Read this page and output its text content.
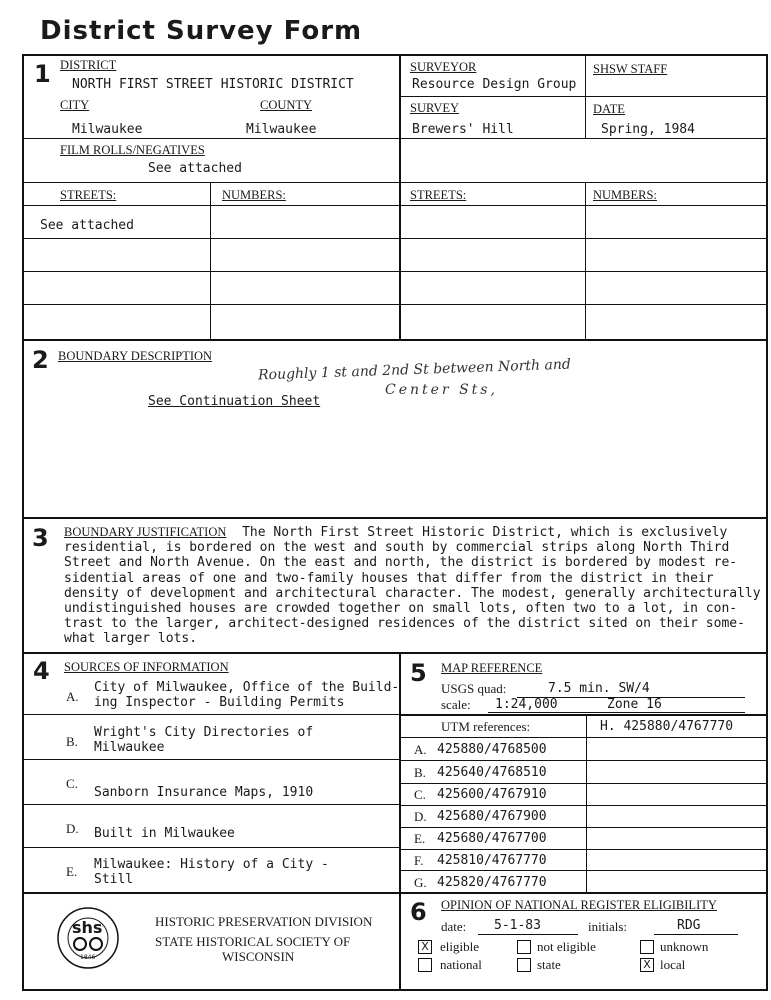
District Survey Form
1 DISTRICT
NORTH FIRST STREET HISTORIC DISTRICT
SURVEYOR
Resource Design Group
SHSW STAFF
CITY
Milwaukee
COUNTY
Milwaukee
SURVEY
Brewers' Hill
DATE
Spring, 1984
FILM ROLLS/NEGATIVES
See attached
STREETS:	NUMBERS:	STREETS:	NUMBERS:
See attached
2 BOUNDARY DESCRIPTION
Roughly 1 st and 2nd St between North and
Center Sts,
See Continuation Sheet
3 BOUNDARY JUSTIFICATION The North First Street Historic District, which is exclusively
residential, is bordered on the west and south by commercial strips along North Third
Street and North Avenue. On the east and north, the district is bordered by modest re-
sidential areas of one and two-family houses that differ from the district in their
density of development and architectural character. The modest, generally architecturally
undistinguished houses are crowded together on small lots, often two to a lot, in con-
trast to the larger, architect-designed residences of the district sited on their some-
what larger lots.
4 SOURCES OF INFORMATION
A.
City of Milwaukee, Office of the Build-
ing Inspector - Building Permits
B.
Wright's City Directories of
Milwaukee
C.
Sanborn Insurance Maps, 1910
D. Built in Milwaukee
E. Milwaukee: History of a City -
Still
5 MAP REFERENCE
USGS quad:	7.5 min. SW/4
scale: 1:24,000	Zone 16
UTM references:	H. 425880/4767770
A. 425880/4768500
B. 425640/4768510
C. 425600/4767910
D. 425680/4767900
E. 425680/4767700
F. 425810/4767770
G. 425820/4767770
shs
1846
HISTORIC PRESERVATION DIVISION
STATE HISTORICAL SOCIETY OF
WISCONSIN
6 OPINION OF NATIONAL REGISTER ELIGIBILITY
date: 5-1-83	initials:	RDG
X eligible	not eligible	unknown
national	state	X local
